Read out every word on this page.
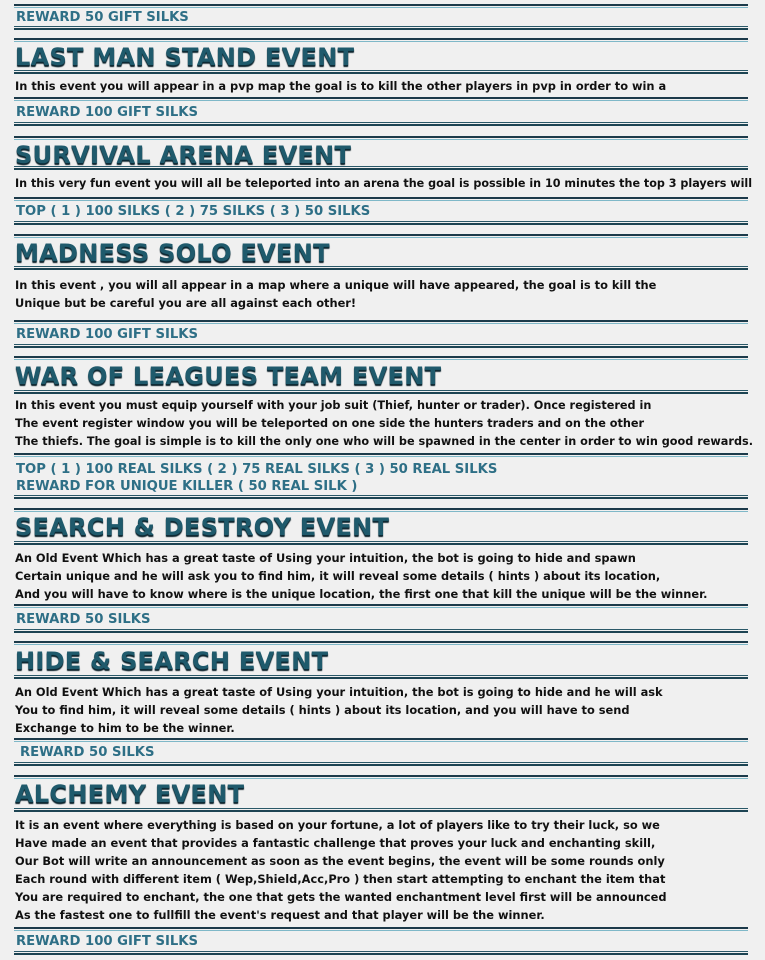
REWARD 50 GIFT SILKS
LAST MAN STAND EVENT
In this event you will appear in a pvp map the goal is to kill the other players in pvp in order to win a
REWARD 100 GIFT SILKS
SURVIVAL ARENA EVENT
In this very fun event you will all be teleported into an arena the goal is possible in 10 minutes the top 3 players will
TOP ( 1 ) 100 SILKS ( 2 ) 75 SILKS ( 3 ) 50 SILKS
MADNESS SOLO EVENT
In this event , you will all appear in a map where a unique will have appeared, the goal is to kill the
Unique but be careful you are all against each other!
REWARD 100 GIFT SILKS
WAR OF LEAGUES TEAM EVENT
In this event you must equip yourself with your job suit (Thief, hunter or trader). Once registered in
The event register window you will be teleported on one side the hunters traders and on the other
The thiefs. The goal is simple is to kill the only one who will be spawned in the center in order to win good rewards.
TOP ( 1 ) 100 REAL SILKS ( 2 ) 75 REAL SILKS ( 3 ) 50 REAL SILKS
REWARD FOR UNIQUE KILLER ( 50 REAL SILK )
SEARCH & DESTROY EVENT
An Old Event Which has a great taste of Using your intuition, the bot is going to hide and spawn
Certain unique and he will ask you to find him, it will reveal some details ( hints ) about its location,
And you will have to know where is the unique location, the first one that kill the unique will be the winner.
REWARD 50 SILKS
HIDE & SEARCH EVENT
An Old Event Which has a great taste of Using your intuition, the bot is going to hide and he will ask
You to find him, it will reveal some details ( hints ) about its location, and you will have to send
Exchange to him to be the winner.
REWARD 50 SILKS
ALCHEMY EVENT
It is an event where everything is based on your fortune, a lot of players like to try their luck, so we
Have made an event that provides a fantastic challenge that proves your luck and enchanting skill,
Our Bot will write an announcement as soon as the event begins, the event will be some rounds only
Each round with different item ( Wep,Shield,Acc,Pro ) then start attempting to enchant the item that
You are required to enchant, the one that gets the wanted enchantment level first will be announced
As the fastest one to fullfill the event's request and that player will be the winner.
REWARD 100 GIFT SILKS
